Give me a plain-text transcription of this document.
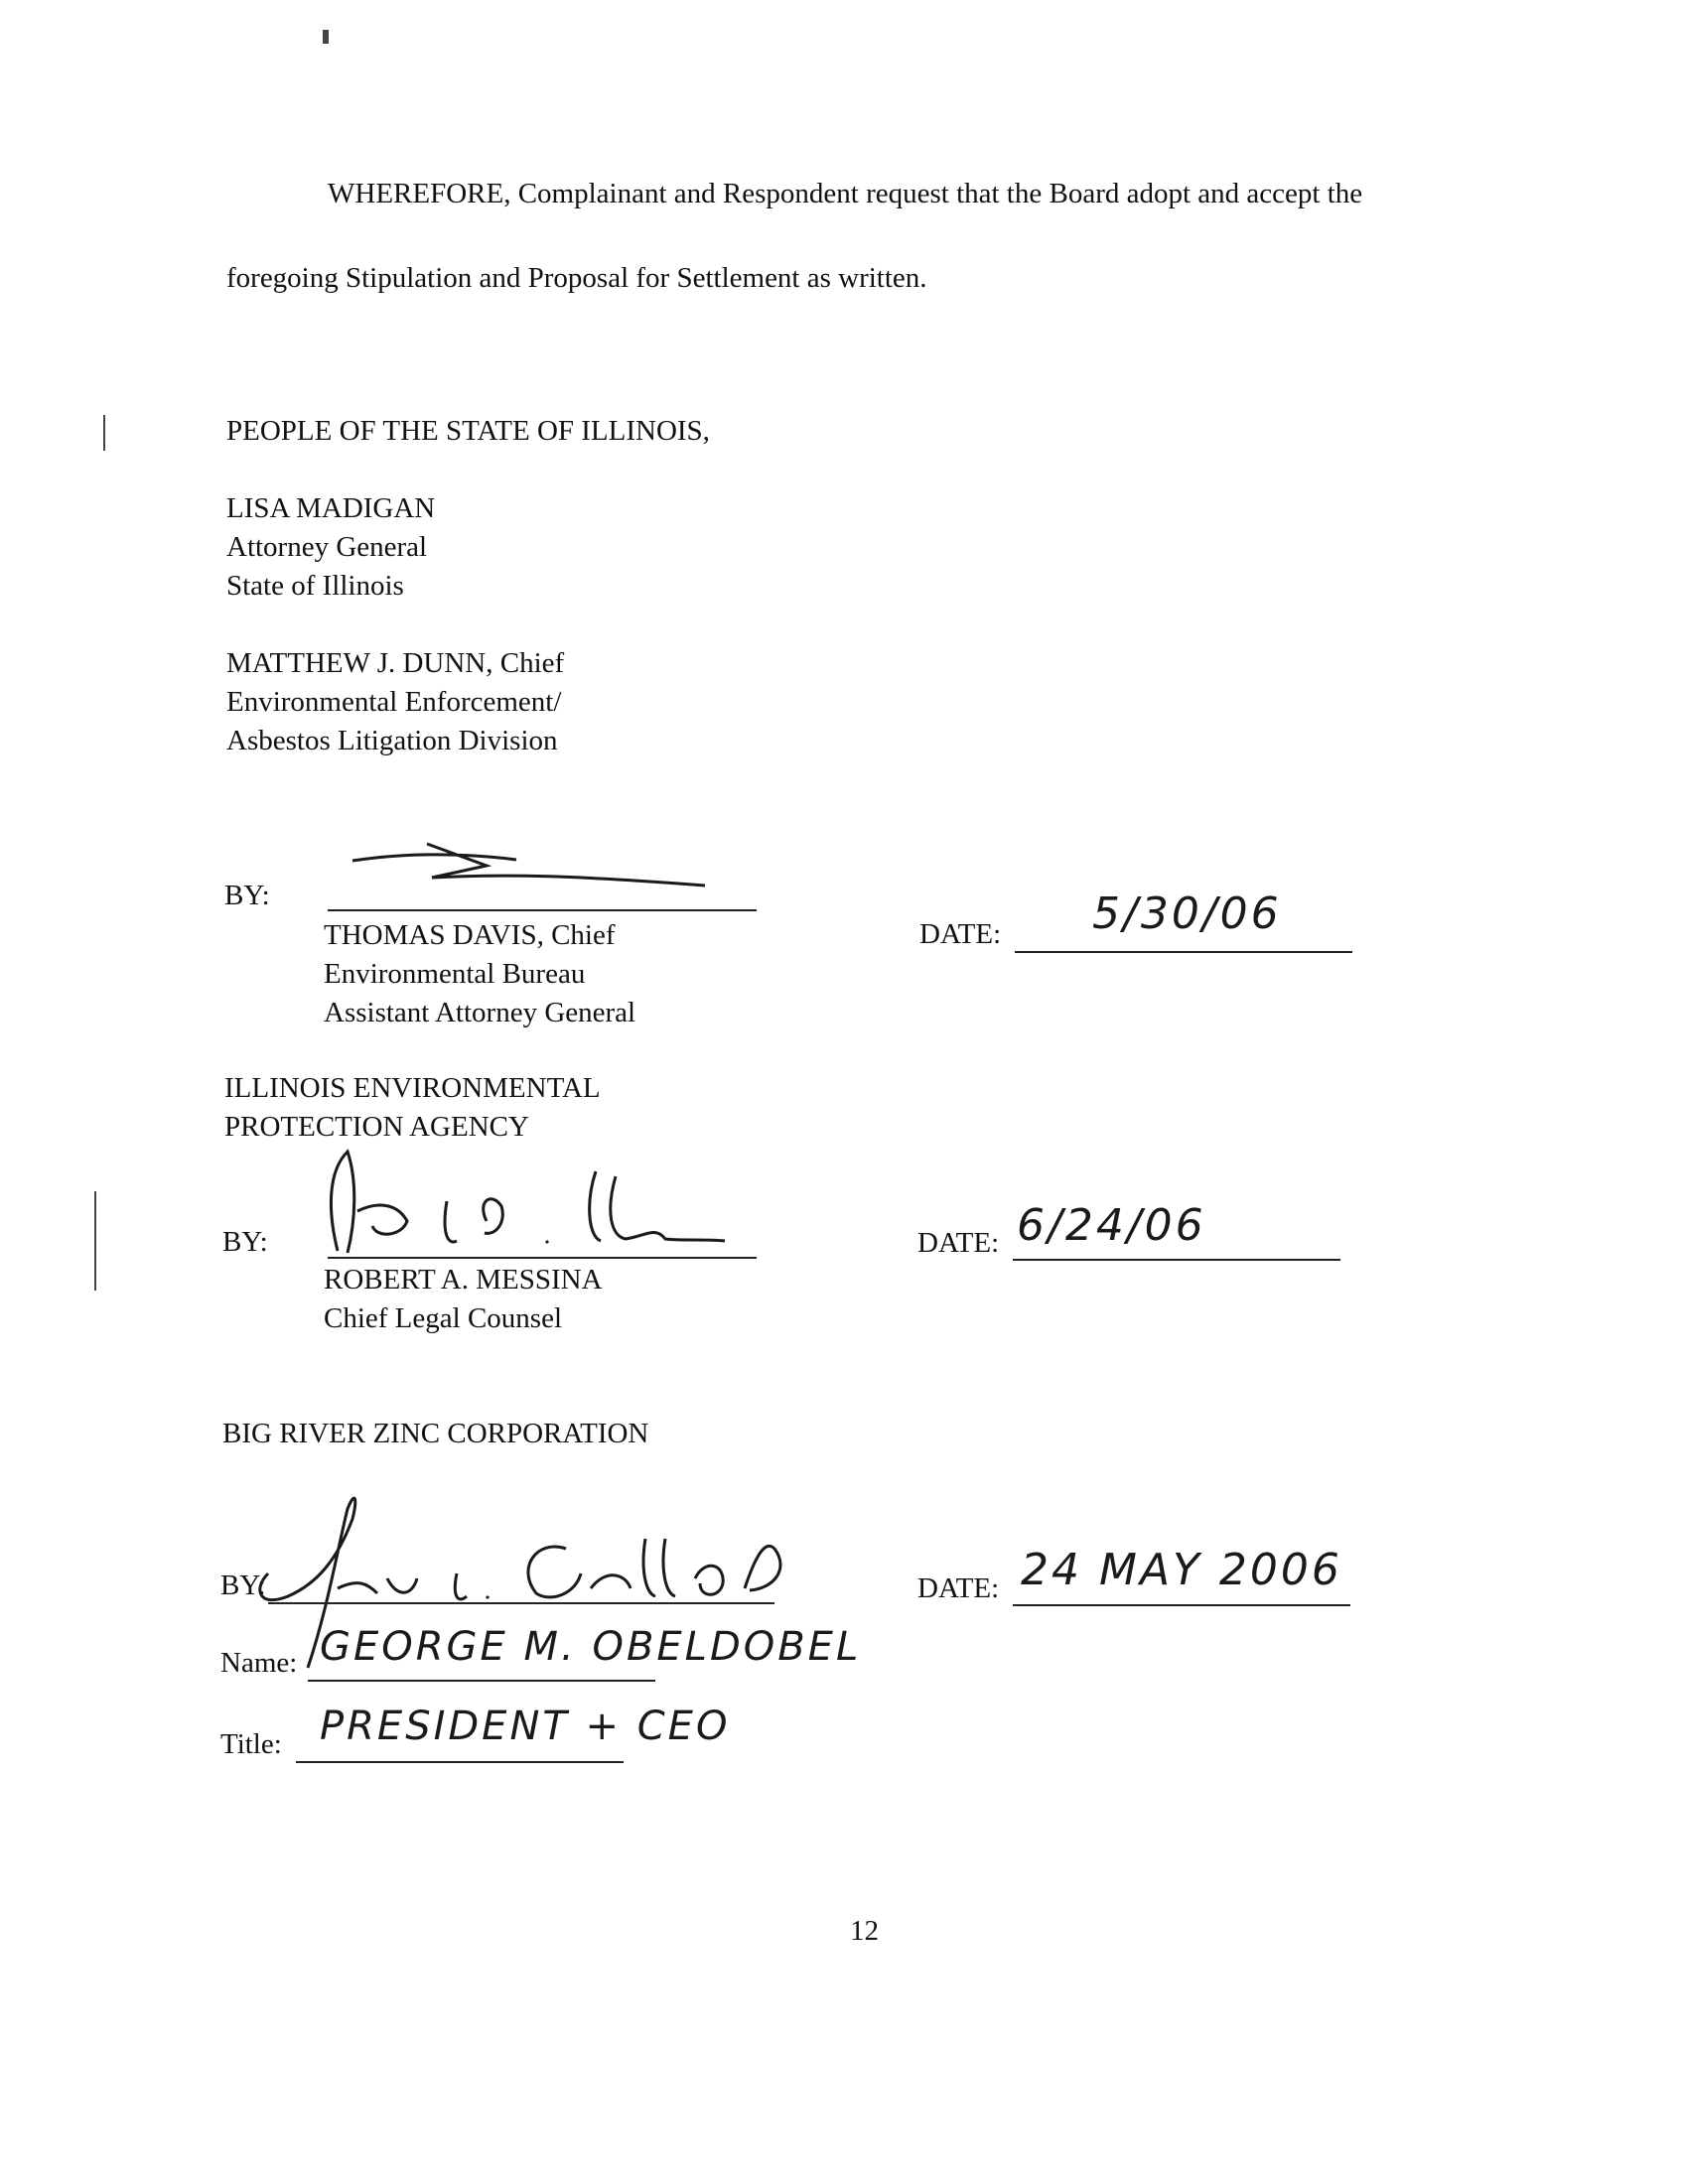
WHEREFORE, Complainant and Respondent request that the Board adopt and accept the
foregoing Stipulation and Proposal for Settlement as written.
PEOPLE OF THE STATE OF ILLINOIS,
LISA MADIGAN
Attorney General
State of Illinois
MATTHEW J. DUNN, Chief
Environmental Enforcement/
Asbestos Litigation Division
BY:
THOMAS DAVIS, Chief
Environmental Bureau
Assistant Attorney General
DATE: 5/30/06
ILLINOIS ENVIRONMENTAL
PROTECTION AGENCY
BY:
ROBERT A. MESSINA
Chief Legal Counsel
DATE: 6/24/06
BIG RIVER ZINC CORPORATION
BY:	DATE: 24 MAY 2006
Name: GEORGE M. OBELDOBEL
Title: PRESIDENT + CEO
12
